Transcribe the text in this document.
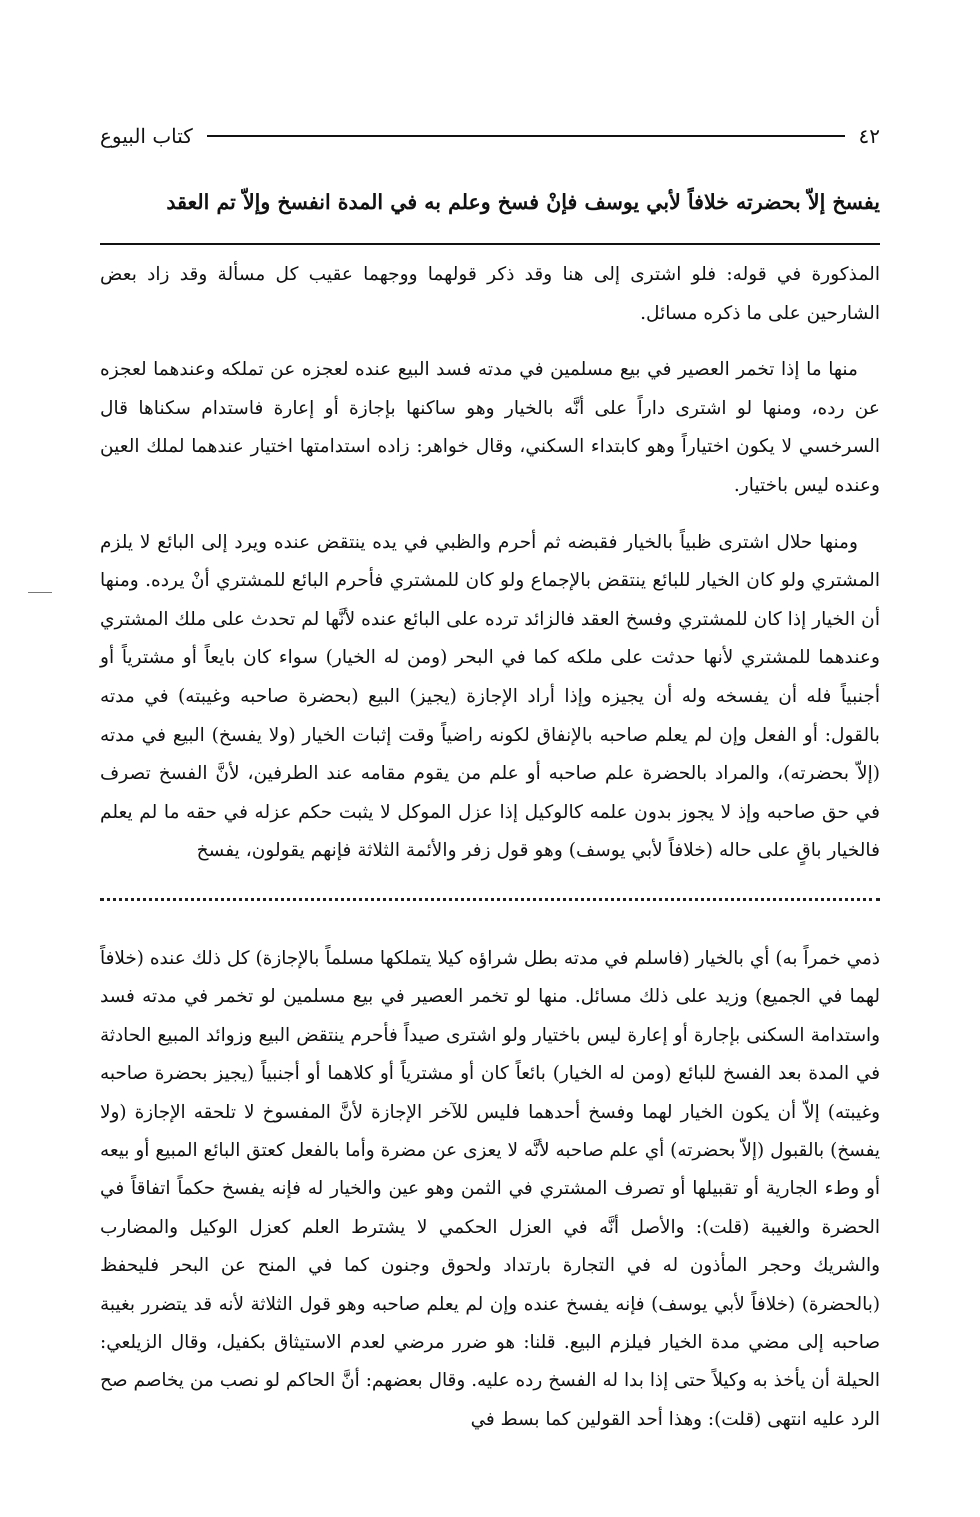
٤٢
كتاب البيوع
يفسخ إلاّ بحضرته خلافاً لأبي يوسف فإنْ فسخ وعلم به في المدة انفسخ وإلاّ تم العقد

المذكورة في قوله: فلو اشترى إلى هنا وقد ذكر قولهما ووجهما عقيب كل مسألة وقد زاد بعض الشارحين على ما ذكره مسائل.

منها ما إذا تخمر العصير في بيع مسلمين في مدته فسد البيع عنده لعجزه عن تملكه وعندهما لعجزه عن رده، ومنها لو اشترى داراً على أنَّه بالخيار وهو ساكنها بإجازة أو إعارة فاستدام سكناها قال السرخسي لا يكون اختياراً وهو كابتداء السكني، وقال خواهر: زاده استدامتها اختيار عندهما لملك العين وعنده ليس باختيار.

ومنها حلال اشترى ظبياً بالخيار فقبضه ثم أحرم والظبي في يده ينتقض عنده ويرد إلى البائع لا يلزم المشتري ولو كان الخيار للبائع ينتقض بالإجماع ولو كان للمشتري فأحرم البائع للمشتري أنْ يرده. ومنها أن الخيار إذا كان للمشتري وفسخ العقد فالزائد ترده على البائع عنده لأنَّها لم تحدث على ملك المشتري وعندهما للمشتري لأنها حدثت على ملكه كما في البحر (ومن له الخيار) سواء كان بايعاً أو مشترياً أو أجنبياً فله أن يفسخه وله أن يجيزه وإذا أراد الإجازة (يجيز) البيع (بحضرة صاحبه وغيبته) في مدته بالقول: أو الفعل وإن لم يعلم صاحبه بالإنفاق لكونه راضياً وقت إثبات الخيار (ولا يفسخ) البيع في مدته (إلاّ بحضرته)، والمراد بالحضرة علم صاحبه أو علم من يقوم مقامه عند الطرفين، لأنَّ الفسخ تصرف في حق صاحبه وإذ لا يجوز بدون علمه كالوكيل إذا عزل الموكل لا يثبت حكم عزله في حقه ما لم يعلم فالخيار باقٍ على حاله (خلافاً لأبي يوسف) وهو قول زفر والأئمة الثلاثة فإنهم يقولون، يفسخ

ذمي خمراً به) أي بالخيار (فاسلم في مدته بطل شراؤه كيلا يتملكها مسلماً بالإجازة) كل ذلك عنده (خلافاً لهما في الجميع) وزيد على ذلك مسائل. منها لو تخمر العصير في بيع مسلمين لو تخمر في مدته فسد واستدامة السكنى بإجارة أو إعارة ليس باختيار ولو اشترى صيداً فأحرم ينتقض البيع وزوائد المبيع الحادثة في المدة بعد الفسخ للبائع (ومن له الخيار) بائعاً كان أو مشترياً أو كلاهما أو أجنبياً (يجيز بحضرة صاحبه وغيبته) إلاّ أن يكون الخيار لهما وفسخ أحدهما فليس للآخر الإجازة لأنَّ المفسوخ لا تلحقه الإجازة (ولا يفسخ) بالقبول (إلاّ بحضرته) أي علم صاحبه لأنَّه لا يعزى عن مضرة وأما بالفعل كعتق البائع المبيع أو بيعه أو وطء الجارية أو تقبيلها أو تصرف المشتري في الثمن وهو عين والخيار له فإنه يفسخ حكماً اتفاقاً في الحضرة والغيبة (قلت): والأصل أنَّه في العزل الحكمي لا يشترط العلم كعزل الوكيل والمضارب والشريك وحجر المأذون له في التجارة بارتداد ولحوق وجنون كما في المنح عن البحر فليحفظ (بالحضرة) (خلافاً لأبي يوسف) فإنه يفسخ عنده وإن لم يعلم صاحبه وهو قول الثلاثة لأنه قد يتضرر بغيبة صاحبه إلى مضي مدة الخيار فيلزم البيع. قلنا: هو ضرر مرضي لعدم الاستيثاق بكفيل، وقال الزيلعي: الحيلة أن يأخذ به وكيلاً حتى إذا بدا له الفسخ رده عليه. وقال بعضهم: أنَّ الحاكم لو نصب من يخاصم صح الرد عليه انتهى (قلت): وهذا أحد القولين كما بسط في
